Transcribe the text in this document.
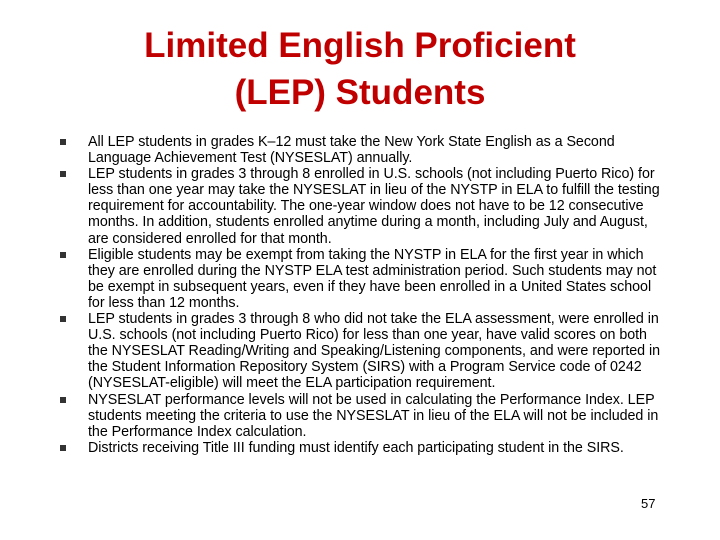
Limited English Proficient
(LEP) Students
All LEP students in grades K–12 must take the New York State English as a Second Language Achievement Test (NYSESLAT) annually.
LEP students in grades 3 through 8 enrolled in U.S. schools (not including Puerto Rico) for less than one year may take the NYSESLAT in lieu of the NYSTP in ELA to fulfill the testing requirement for accountability. The one-year window does not have to be 12 consecutive months. In addition, students enrolled anytime during a month, including July and August, are considered enrolled for that month.
Eligible students may be exempt from taking the NYSTP in ELA for the first year in which they are enrolled during the NYSTP ELA test administration period. Such students may not be exempt in subsequent years, even if they have been enrolled in a United States school for less than 12 months.
LEP students in grades 3 through 8 who did not take the ELA assessment, were enrolled in U.S. schools (not including Puerto Rico) for less than one year, have valid scores on both the NYSESLAT Reading/Writing and Speaking/Listening components, and were reported in the Student Information Repository System (SIRS) with a Program Service code of 0242 (NYSESLAT-eligible) will meet the ELA participation requirement.
NYSESLAT performance levels will not be used in calculating the Performance Index. LEP students meeting the criteria to use the NYSESLAT in lieu of the ELA will not be included in the Performance Index calculation.
Districts receiving Title III funding must identify each participating student in the SIRS.
57
